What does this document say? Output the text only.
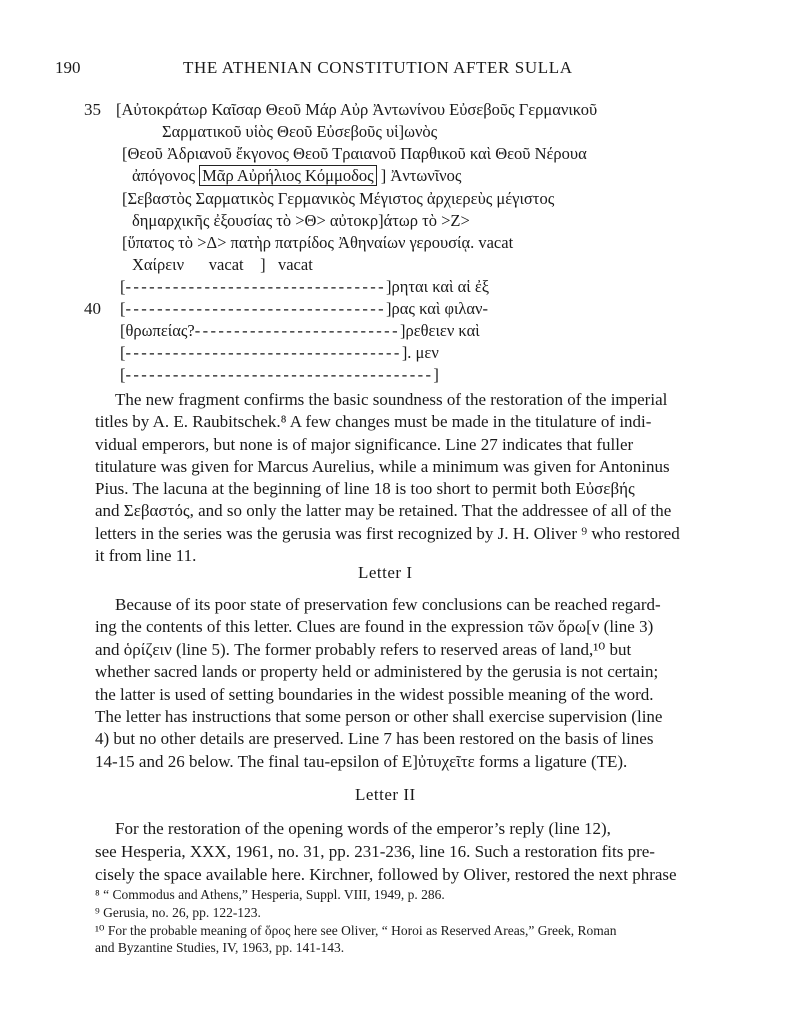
190	THE ATHENIAN CONSTITUTION AFTER SULLA
35 [Αὐτοκράτωρ Καῖσαρ Θεοῦ Μάρ Αὐρ Ἀντωνίνου Εὐσεβοῦς Γερμανικοῦ
Σαρματικοῦ υἱὸς Θεοῦ Εὐσεβοῦς υἱ]ωνὸς
[Θεοῦ Ἀδριανοῦ ἔκγονος Θεοῦ Τραιανοῦ Παρθικοῦ καὶ Θεοῦ Νέρουα
ἀπόγονος Μᾶρ Αὐρήλιος Κόμμοδος ] Ἀντωνῖνος
[Σεβαστὸς Σαρματικὸς Γερμανικὸς Μέγιστος ἀρχιερεὺς μέγιστος
δημαρχικῆς ἐξουσίας τὸ >Θ> αὐτοκρ]άτωρ τὸ >Ζ>
[ὕπατος τὸ >Δ> πατὴρ πατρίδος Ἀθηναίων γερουσίᾳ. vacat
Χαίρειν      vacat    ]   vacat
[---------------------------------]ρηται καὶ αἱ ἐξ
40 [---------------------------------]ρας καὶ φιλαν-
[θρωπείας?--------------------------]ρεθειεν καὶ
[-----------------------------------]. μεν
[---------------------------------------]
The new fragment confirms the basic soundness of the restoration of the imperial
titles by A. E. Raubitschek.⁸ A few changes must be made in the titulature of indi-
vidual emperors, but none is of major significance. Line 27 indicates that fuller
titulature was given for Marcus Aurelius, while a minimum was given for Antoninus
Pius. The lacuna at the beginning of line 18 is too short to permit both Εὐσεβής
and Σεβαστός, and so only the latter may be retained. That the addressee of all of the
letters in the series was the gerusia was first recognized by J. H. Oliver ⁹ who restored
it from line 11.
Letter I
Because of its poor state of preservation few conclusions can be reached regard-
ing the contents of this letter. Clues are found in the expression τῶν ὅρω[ν (line 3)
and ὁρίζειν (line 5). The former probably refers to reserved areas of land,¹⁰ but
whether sacred lands or property held or administered by the gerusia is not certain;
the latter is used of setting boundaries in the widest possible meaning of the word.
The letter has instructions that some person or other shall exercise supervision (line
4) but no other details are preserved. Line 7 has been restored on the basis of lines
14-15 and 26 below. The final tau-epsilon of Ε]ὐτυχεῖτε forms a ligature (ΤΕ).
Letter II
For the restoration of the opening words of the emperor’s reply (line 12),
see Hesperia, XXX, 1961, no. 31, pp. 231-236, line 16. Such a restoration fits pre-
cisely the space available here. Kirchner, followed by Oliver, restored the next phrase
⁸ “ Commodus and Athens,” Hesperia, Suppl. VIII, 1949, p. 286.
⁹ Gerusia, no. 26, pp. 122-123.
¹⁰ For the probable meaning of ὅρος here see Oliver, “ Horoi as Reserved Areas,” Greek, Roman
and Byzantine Studies, IV, 1963, pp. 141-143.
